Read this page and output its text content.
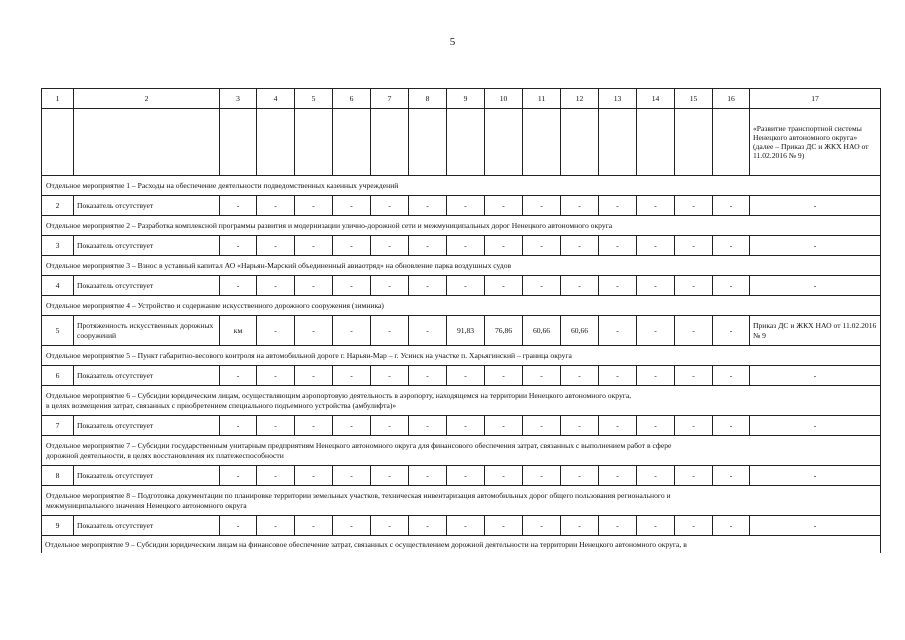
5
1	2	3	4	5	6	7	8	9	10	11	12	13	14	15	16	17
																«Развитие транспортной системы Ненецкого автономного округа» (далее – Приказ ДС и ЖКХ НАО от 11.02.2016 № 9)
Отдельное мероприятие 1 – Расходы на обеспечение деятельности подведомственных казенных учреждений																
2	Показатель отсутствует	-	-	-	-	-	-	-	-	-	-	-	-	-	-	-
Отдельное мероприятие 2 – Разработка комплексной программы развития и модернизации улично-дорожной сети и межмуниципальных дорог Ненецкого автономного округа																
3	Показатель отсутствует	-	-	-	-	-	-	-	-	-	-	-	-	-	-	-
Отдельное мероприятие 3 – Взнос в уставный капитал АО «Нарьян-Марский объединенный авиаотряд» на обновление парка воздушных судов																
4	Показатель отсутствует	-	-	-	-	-	-	-	-	-	-	-	-	-	-	-
Отдельное мероприятие 4 – Устройство и содержание искусственного дорожного сооружения (зимника)																
5	Протяженность искусственных дорожных сооружений	км	-	-	-	-	-	91,83	76,86	60,66	60,66	-	-	-	-	Приказ ДС и ЖКХ НАО от 11.02.2016 № 9
Отдельное мероприятие 5 – Пункт габаритно-весового контроля на автомобильной дороге г. Нарьян-Мар – г. Усинск на участке п. Харьягинский – граница округа																
6	Показатель отсутствует	-	-	-	-	-	-	-	-	-	-	-	-	-	-	-
Отдельное мероприятие 6 – Субсидии юридическим лицам, осуществляющим аэропортовую деятельность в аэропорту, находящемся на территории Ненецкого автономного округа,
в целях возмещения затрат, связанных с приобретением специального подъемного устройства (амбулифта)»																
7	Показатель отсутствует	-	-	-	-	-	-	-	-	-	-	-	-	-	-	-
Отдельное мероприятие 7 – Субсидии государственным унитарным предприятиям Ненецкого автономного округа для финансового обеспечения затрат, связанных с выполнением работ в сфере
дорожной деятельности, в целях восстановления их платежеспособности																
8	Показатель отсутствует	-	-	-	-	-	-	-	-	-	-	-	-	-	-	-
Отдельное мероприятие 8 – Подготовка документации по планировке территории земельных участков, техническая инвентаризация автомобильных дорог общего пользования регионального и
межмуниципального значения Ненецкого автономного округа																
9	Показатель отсутствует	-	-	-	-	-	-	-	-	-	-	-	-	-	-	-
Отдельное мероприятие 9 – Субсидии юридическим лицам на финансовое обеспечение затрат, связанных с осуществлением дорожной деятельности на территории Ненецкого автономного округа, в																
